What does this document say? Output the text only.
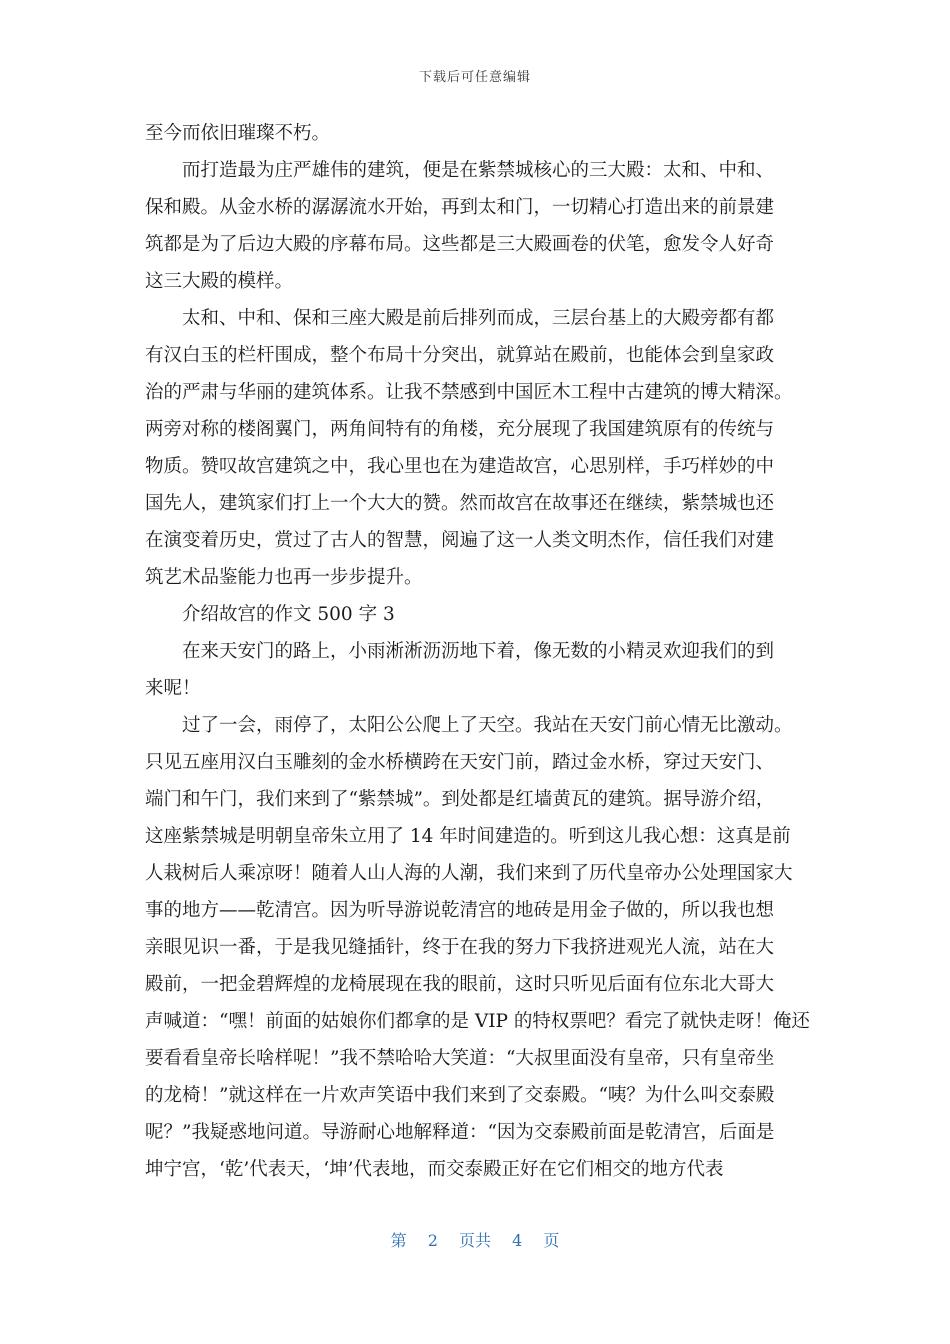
下载后可任意编辑
至今而依旧璀璨不朽。
而打造最为庄严雄伟的建筑，便是在紫禁城核心的三大殿：太和、中和、
保和殿。从金水桥的潺潺流水开始，再到太和门，一切精心打造出来的前景建
筑都是为了后边大殿的序幕布局。这些都是三大殿画卷的伏笔，愈发令人好奇
这三大殿的模样。
太和、中和、保和三座大殿是前后排列而成，三层台基上的大殿旁都有都
有汉白玉的栏杆围成，整个布局十分突出，就算站在殿前，也能体会到皇家政
治的严肃与华丽的建筑体系。让我不禁感到中国匠木工程中古建筑的博大精深。
两旁对称的楼阁翼门，两角间特有的角楼，充分展现了我国建筑原有的传统与
物质。赞叹故宫建筑之中，我心里也在为建造故宫，心思别样，手巧样妙的中
国先人，建筑家们打上一个大大的赞。然而故宫在故事还在继续，紫禁城也还
在演变着历史，赏过了古人的智慧，阅遍了这一人类文明杰作，信任我们对建
筑艺术品鉴能力也再一步步提升。
介绍故宫的作文 500 字 3
在来天安门的路上，小雨淅淅沥沥地下着，像无数的小精灵欢迎我们的到
来呢！
过了一会，雨停了，太阳公公爬上了天空。我站在天安门前心情无比激动。
只见五座用汉白玉雕刻的金水桥横跨在天安门前，踏过金水桥，穿过天安门、
端门和午门，我们来到了“紫禁城”。到处都是红墙黄瓦的建筑。据导游介绍，
这座紫禁城是明朝皇帝朱立用了 14 年时间建造的。听到这儿我心想：这真是前
人栽树后人乘凉呀！随着人山人海的人潮，我们来到了历代皇帝办公处理国家大
事的地方——乾清宫。因为听导游说乾清宫的地砖是用金子做的，所以我也想
亲眼见识一番，于是我见缝插针，终于在我的努力下我挤进观光人流，站在大
殿前，一把金碧辉煌的龙椅展现在我的眼前，这时只听见后面有位东北大哥大
声喊道：“嘿！前面的姑娘你们都拿的是 VIP 的特权票吧？看完了就快走呀！俺还
要看看皇帝长啥样呢！”我不禁哈哈大笑道：“大叔里面没有皇帝，只有皇帝坐
的龙椅！”就这样在一片欢声笑语中我们来到了交泰殿。“咦？为什么叫交泰殿
呢？”我疑惑地问道。导游耐心地解释道：“因为交泰殿前面是乾清宫，后面是
坤宁宫，‘乾’代表天，‘坤’代表地，而交泰殿正好在它们相交的地方代表
第 2 页共 4 页
